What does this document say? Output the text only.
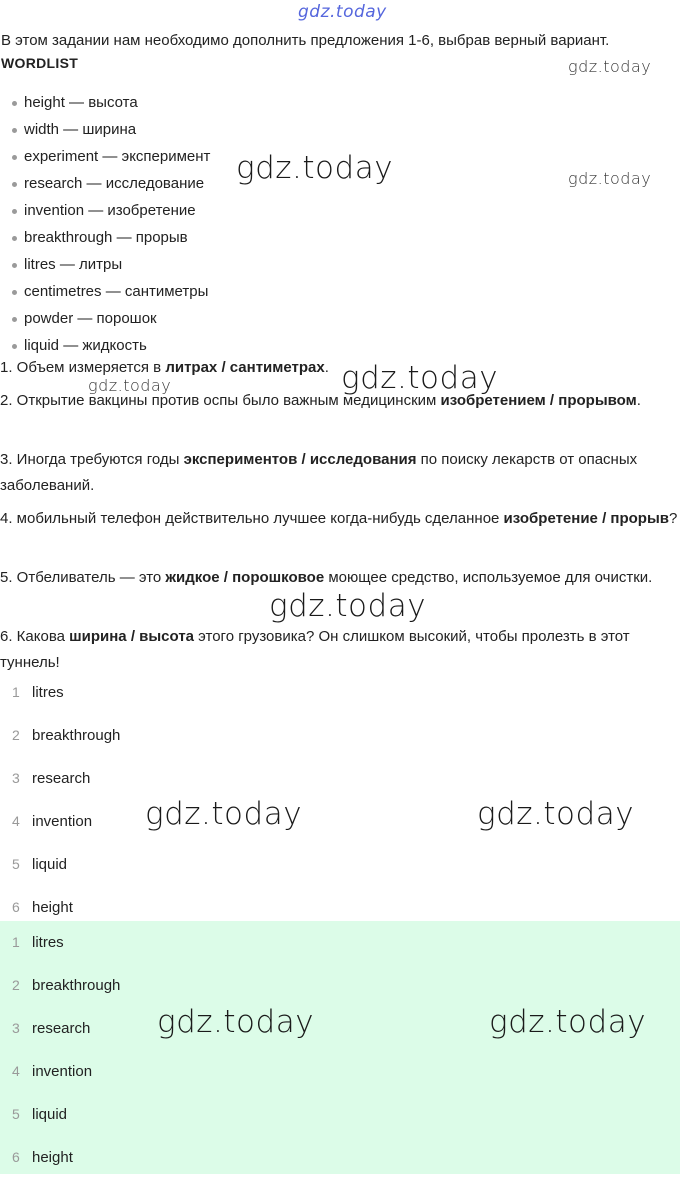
gdz.today
gdz.today
gdz.today	gdz.today
gdz.today
gdz.today
gdz.today
В этом задании нам необходимо дополнить предложения 1-6, выбрав верный вариант.
WORDLIST
height — высота
width — ширина
experiment — эксперимент
research — исследование
invention — изобретение
breakthrough — прорыв
litres — литры
centimetres — сантиметры
powder — порошок
liquid — жидкость
1. Объем измеряется в литрах / сантиметрах.
2. Открытие вакцины против оспы было важным медицинским изобретением / прорывом.
3. Иногда требуются годы экспериментов / исследования по поиску лекарств от опасных заболеваний.
4. мобильный телефон действительно лучшее когда-нибудь сделанное изобретение / прорыв?
5. Отбеливатель — это жидкое / порошковое моющее средство, используемое для очистки.
6. Какова ширина / высота этого грузовика? Он слишком высокий, чтобы пролезть в этот туннель!
1 litres
2 breakthrough
3 research
4 invention
5 liquid
6 height
1 litres
2 breakthrough
3 research
4 invention
5 liquid
6 height
gdz.today	gdz.today
gdz.today	gdz.today
